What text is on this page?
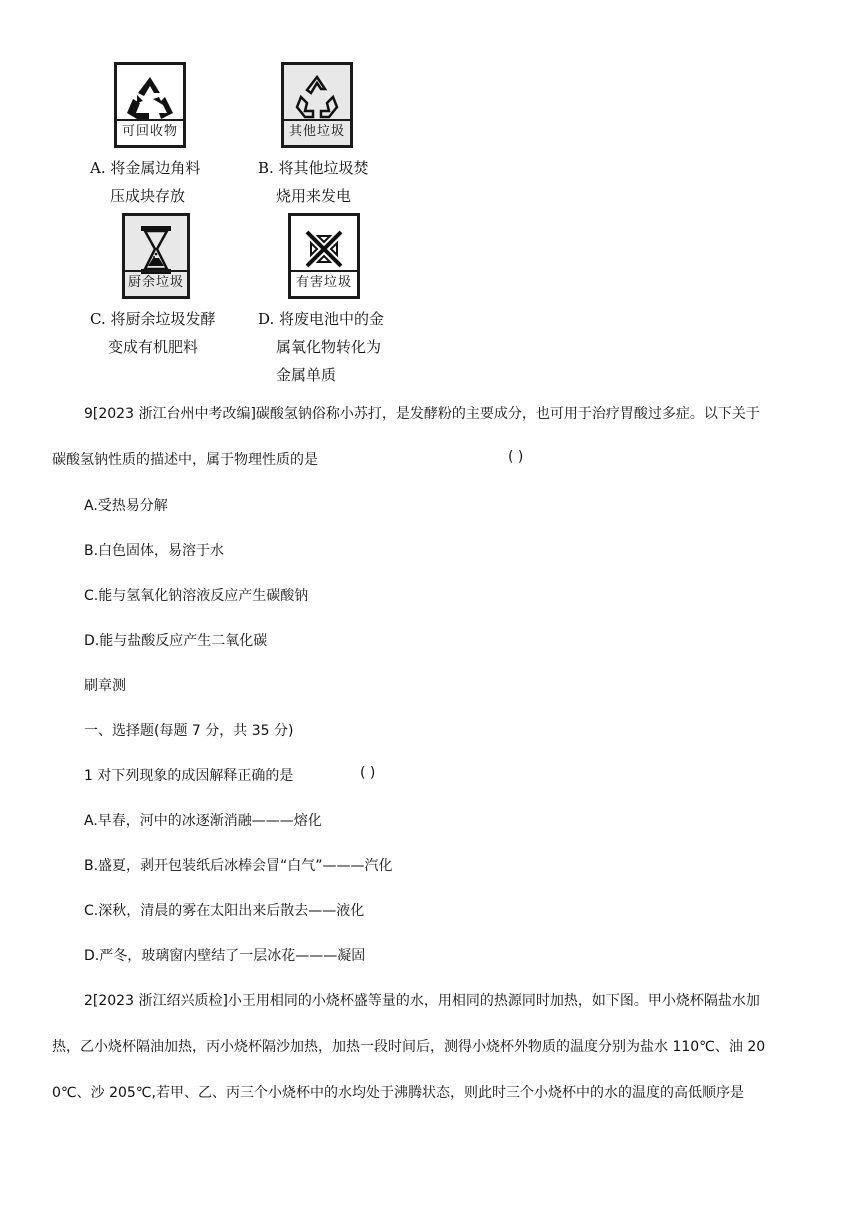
可回收物	其他垃圾
厨余垃圾	有害垃圾
A. 将金属边角料
压成块存放
B. 将其他垃圾焚
烧用来发电
C. 将厨余垃圾发酵
变成有机肥料
D. 将废电池中的金
属氧化物转化为
金属单质
9[2023 浙江台州中考改编]碳酸氢钠俗称小苏打，是发酵粉的主要成分，也可用于治疗胃酸过多症。以下关于
碳酸氢钠性质的描述中，属于物理性质的是	( )
A.受热易分解
B.白色固体，易溶于水
C.能与氢氧化钠溶液反应产生碳酸钠
D.能与盐酸反应产生二氧化碳
刷章测
一、选择题(每题 7 分，共 35 分)
1 对下列现象的成因解释正确的是	( )
A.早春，河中的冰逐渐消融———熔化
B.盛夏，剥开包装纸后冰棒会冒“白气”———汽化
C.深秋，清晨的雾在太阳出来后散去——液化
D.严冬，玻璃窗内壁结了一层冰花———凝固
2[2023 浙江绍兴质检]小王用相同的小烧杯盛等量的水，用相同的热源同时加热，如下图。甲小烧杯隔盐水加
热，乙小烧杯隔油加热，丙小烧杯隔沙加热，加热一段时间后，测得小烧杯外物质的温度分别为盐水 110℃、油 20
0℃、沙 205℃,若甲、乙、丙三个小烧杯中的水均处于沸腾状态，则此时三个小烧杯中的水的温度的高低顺序是
